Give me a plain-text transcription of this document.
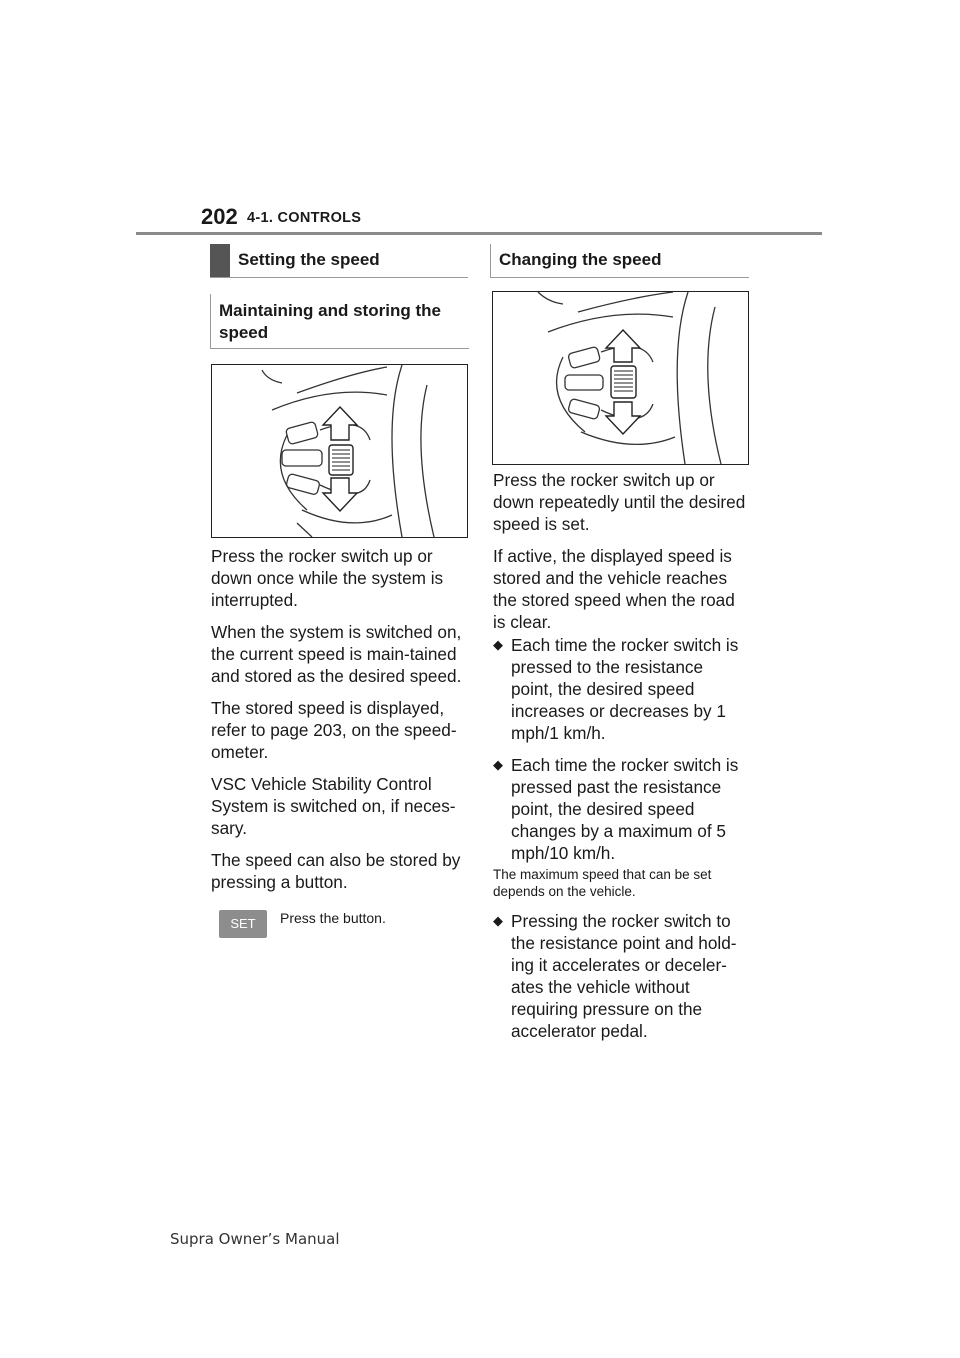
202 4-1. CONTROLS
Setting the speed
Maintaining and storing the speed

Press the rocker switch up or down once while the system is interrupted.

When the system is switched on, the current speed is main-tained and stored as the desired speed.

The stored speed is displayed, refer to page 203, on the speed-ometer.

VSC Vehicle Stability Control System is switched on, if neces-sary.

The speed can also be stored by pressing a button.

SET	Press the button.
Changing the speed

Press the rocker switch up or down repeatedly until the desired speed is set.

If active, the displayed speed is stored and the vehicle reaches the stored speed when the road is clear.

◆ Each time the rocker switch is pressed to the resistance point, the desired speed increases or decreases by 1 mph/1 km/h.
◆ Each time the rocker switch is pressed past the resistance point, the desired speed changes by a maximum of 5 mph/10 km/h.
The maximum speed that can be set depends on the vehicle.
◆ Pressing the rocker switch to the resistance point and hold-ing it accelerates or deceler-ates the vehicle without requiring pressure on the accelerator pedal.
Supra Owner’s Manual
